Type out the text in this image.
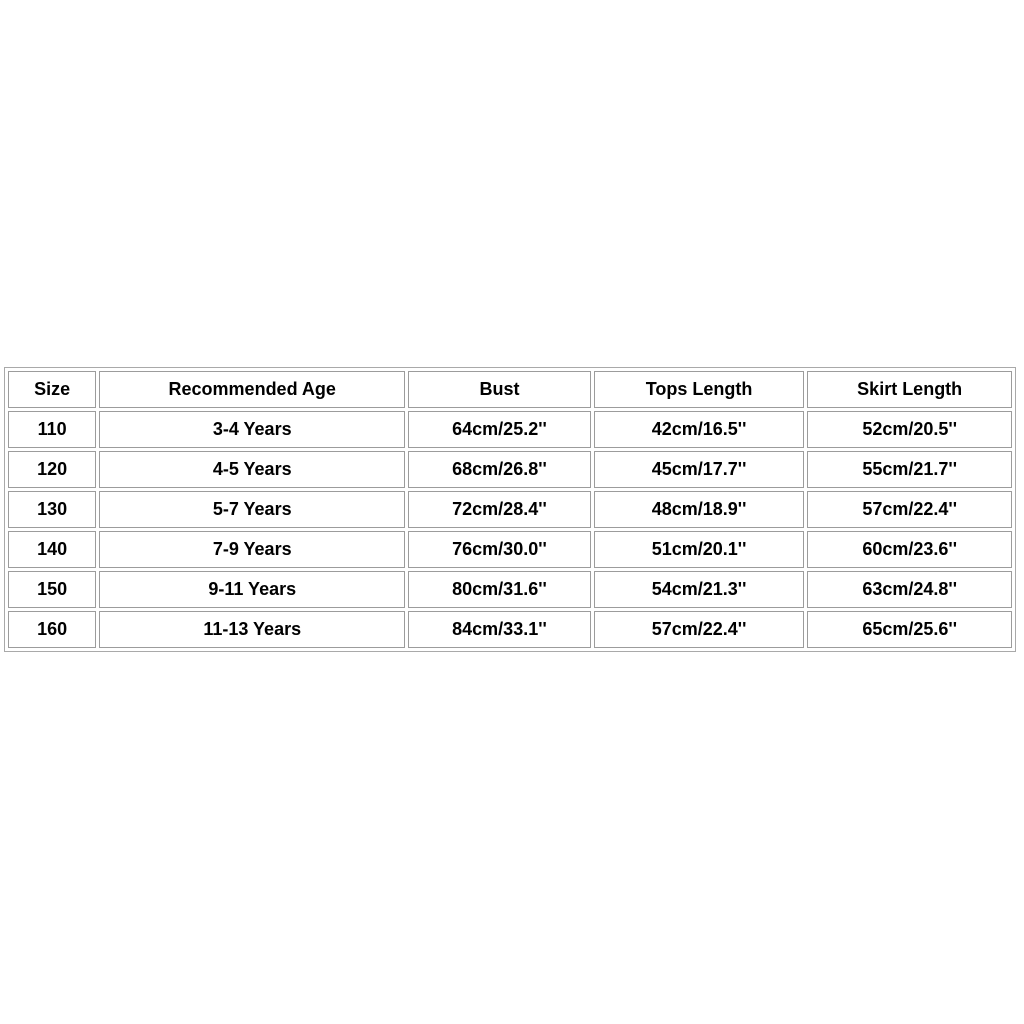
Size	Recommended Age	Bust	Tops Length	Skirt Length
110	3-4 Years	64cm/25.2''	42cm/16.5''	52cm/20.5''
120	4-5 Years	68cm/26.8''	45cm/17.7''	55cm/21.7''
130	5-7 Years	72cm/28.4''	48cm/18.9''	57cm/22.4''
140	7-9 Years	76cm/30.0''	51cm/20.1''	60cm/23.6''
150	9-11 Years	80cm/31.6''	54cm/21.3''	63cm/24.8''
160	11-13 Years	84cm/33.1''	57cm/22.4''	65cm/25.6''
